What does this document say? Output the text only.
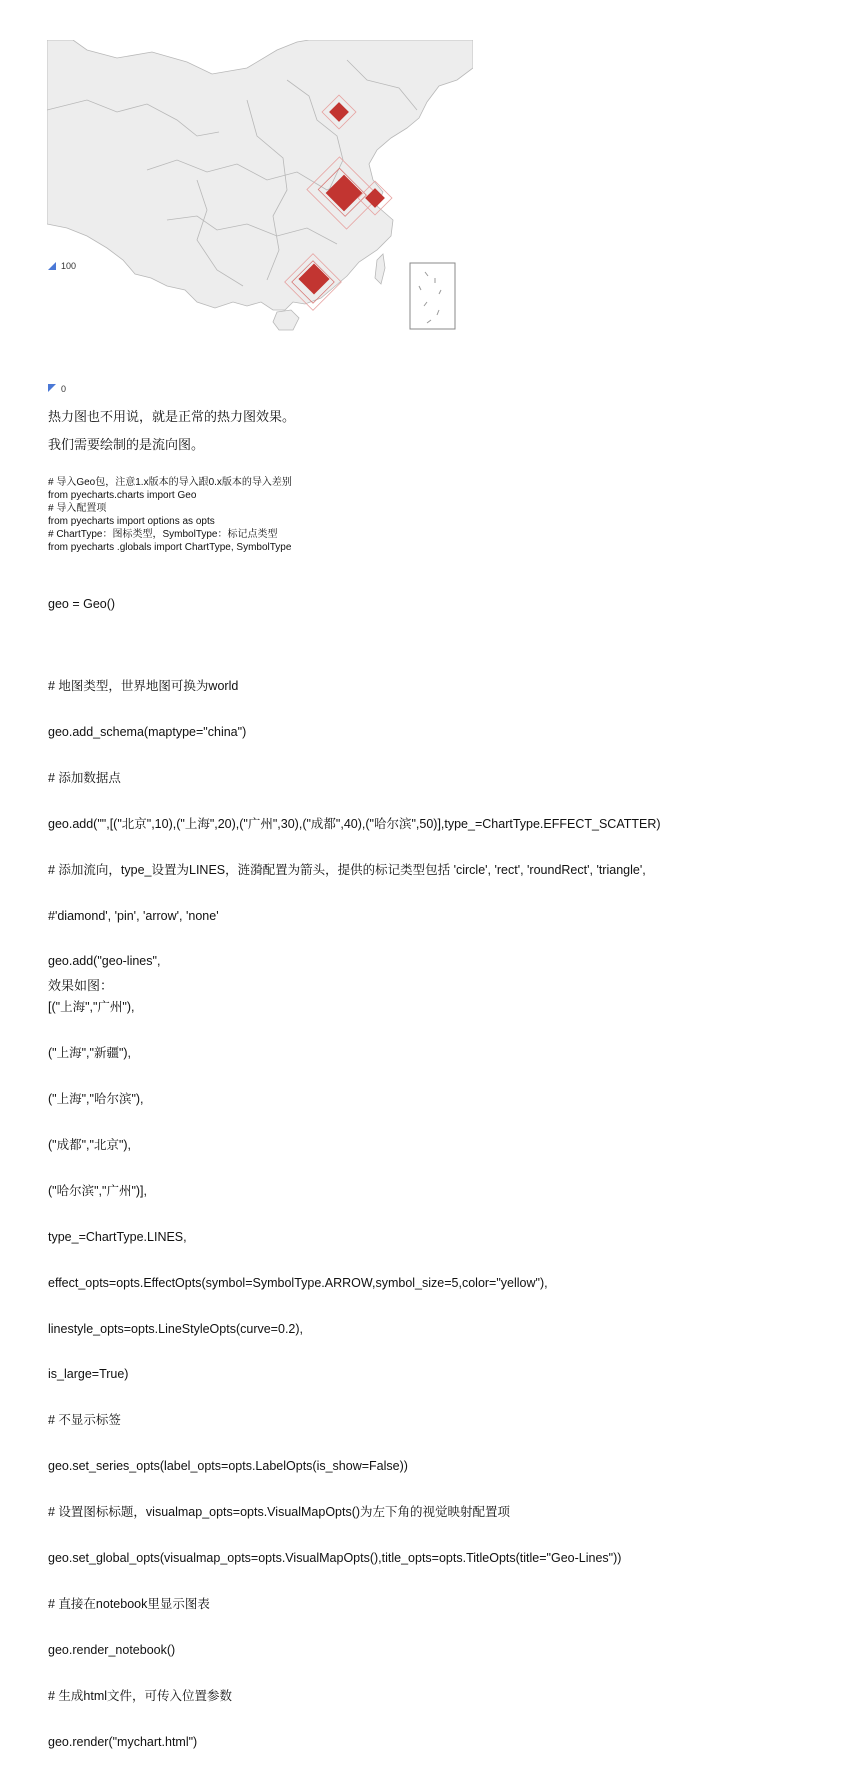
100
0
热力图也不用说，就是正常的热力图效果。
我们需要绘制的是流向图。
# 导入Geo包，注意1.x版本的导入跟0.x版本的导入差别
from pyecharts.charts import Geo
# 导入配置项
from pyecharts import options as opts
# ChartType：图标类型，SymbolType：标记点类型
from pyecharts .globals import ChartType, SymbolType

geo = Geo()

# 地图类型，世界地图可换为world

geo.add_schema(maptype="china")

# 添加数据点

geo.add("",[("北京",10),("上海",20),("广州",30),("成都",40),("哈尔滨",50)],type_=ChartType.EFFECT_SCATTER)

# 添加流向，type_设置为LINES，涟漪配置为箭头，提供的标记类型包括 'circle', 'rect', 'roundRect', 'triangle',

#'diamond', 'pin', 'arrow', 'none'

geo.add("geo-lines",

[("上海","广州"),

("上海","新疆"),

("上海","哈尔滨"),

("成都","北京"),

("哈尔滨","广州")],

type_=ChartType.LINES,

effect_opts=opts.EffectOpts(symbol=SymbolType.ARROW,symbol_size=5,color="yellow"),

linestyle_opts=opts.LineStyleOpts(curve=0.2),

is_large=True)

# 不显示标签

geo.set_series_opts(label_opts=opts.LabelOpts(is_show=False))

# 设置图标标题，visualmap_opts=opts.VisualMapOpts()为左下角的视觉映射配置项

geo.set_global_opts(visualmap_opts=opts.VisualMapOpts(),title_opts=opts.TitleOpts(title="Geo-Lines"))

# 直接在notebook里显示图表

geo.render_notebook()

# 生成html文件，可传入位置参数

geo.render("mychart.html")

效果如图：
